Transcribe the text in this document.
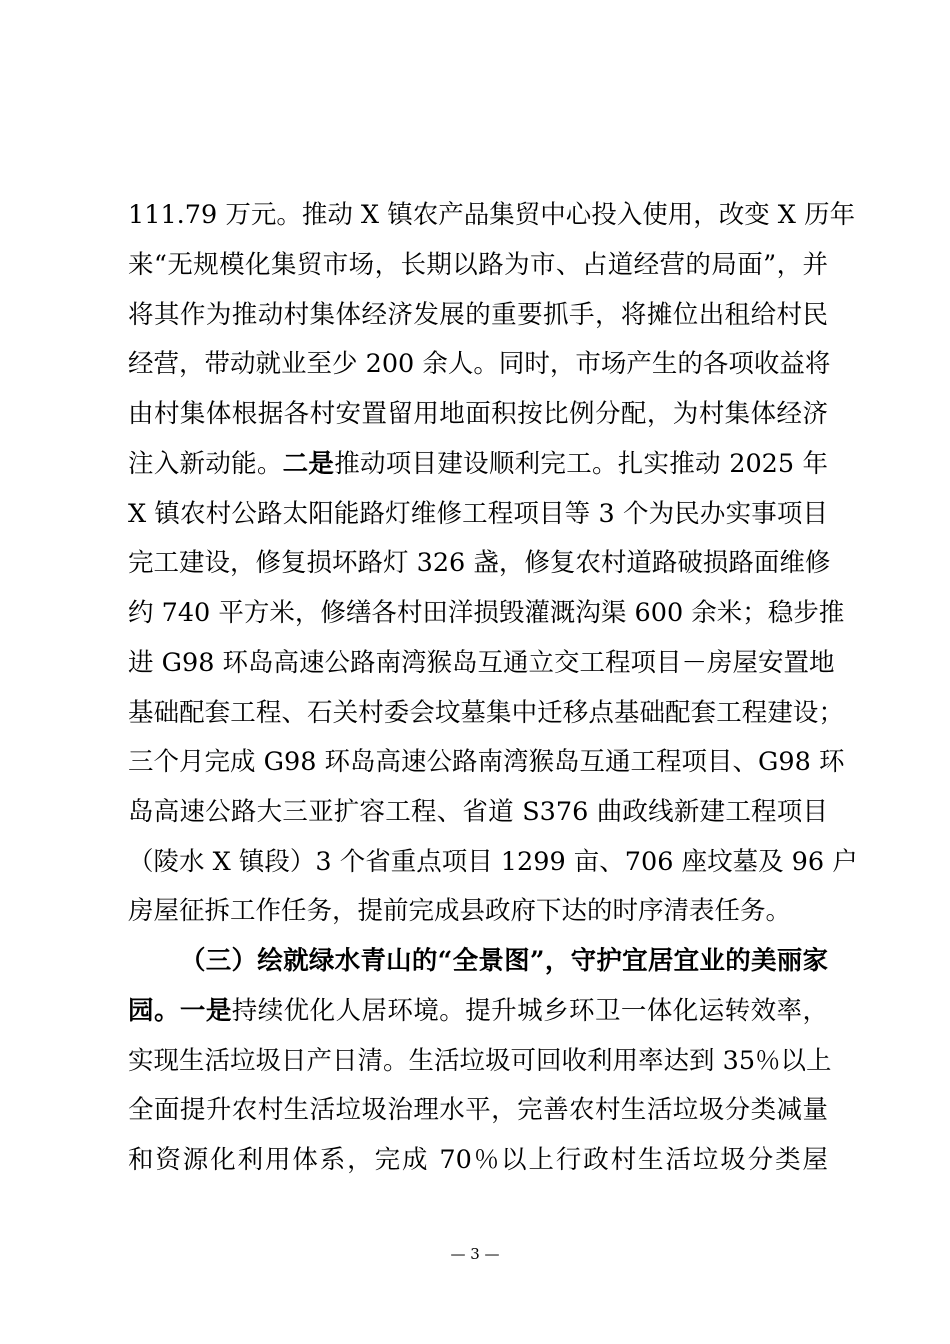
111.79 万元。推动 X 镇农产品集贸中心投入使用，改变 X 历年
来“无规模化集贸市场，长期以路为市、占道经营的局面”，并
将其作为推动村集体经济发展的重要抓手，将摊位出租给村民
经营，带动就业至少 200 余人。同时，市场产生的各项收益将
由村集体根据各村安置留用地面积按比例分配，为村集体经济
注入新动能。二是推动项目建设顺利完工。扎实推动 2025 年
X 镇农村公路太阳能路灯维修工程项目等 3 个为民办实事项目
完工建设，修复损坏路灯 326 盏，修复农村道路破损路面维修
约 740 平方米，修缮各村田洋损毁灌溉沟渠 600 余米；稳步推
进 G98 环岛高速公路南湾猴岛互通立交工程项目－房屋安置地
基础配套工程、石关村委会坟墓集中迁移点基础配套工程建设；
三个月完成 G98 环岛高速公路南湾猴岛互通工程项目、G98 环
岛高速公路大三亚扩容工程、省道 S376 曲政线新建工程项目
（陵水 X 镇段）3 个省重点项目 1299 亩、706 座坟墓及 96 户
房屋征拆工作任务，提前完成县政府下达的时序清表任务。
（三）绘就绿水青山的“全景图”，守护宜居宜业的美丽家
园。一是持续优化人居环境。提升城乡环卫一体化运转效率，
实现生活垃圾日产日清。生活垃圾可回收利用率达到 35％以上
全面提升农村生活垃圾治理水平，完善农村生活垃圾分类减量
和资源化利用体系，完成 70％以上行政村生活垃圾分类屋
— 3 —
